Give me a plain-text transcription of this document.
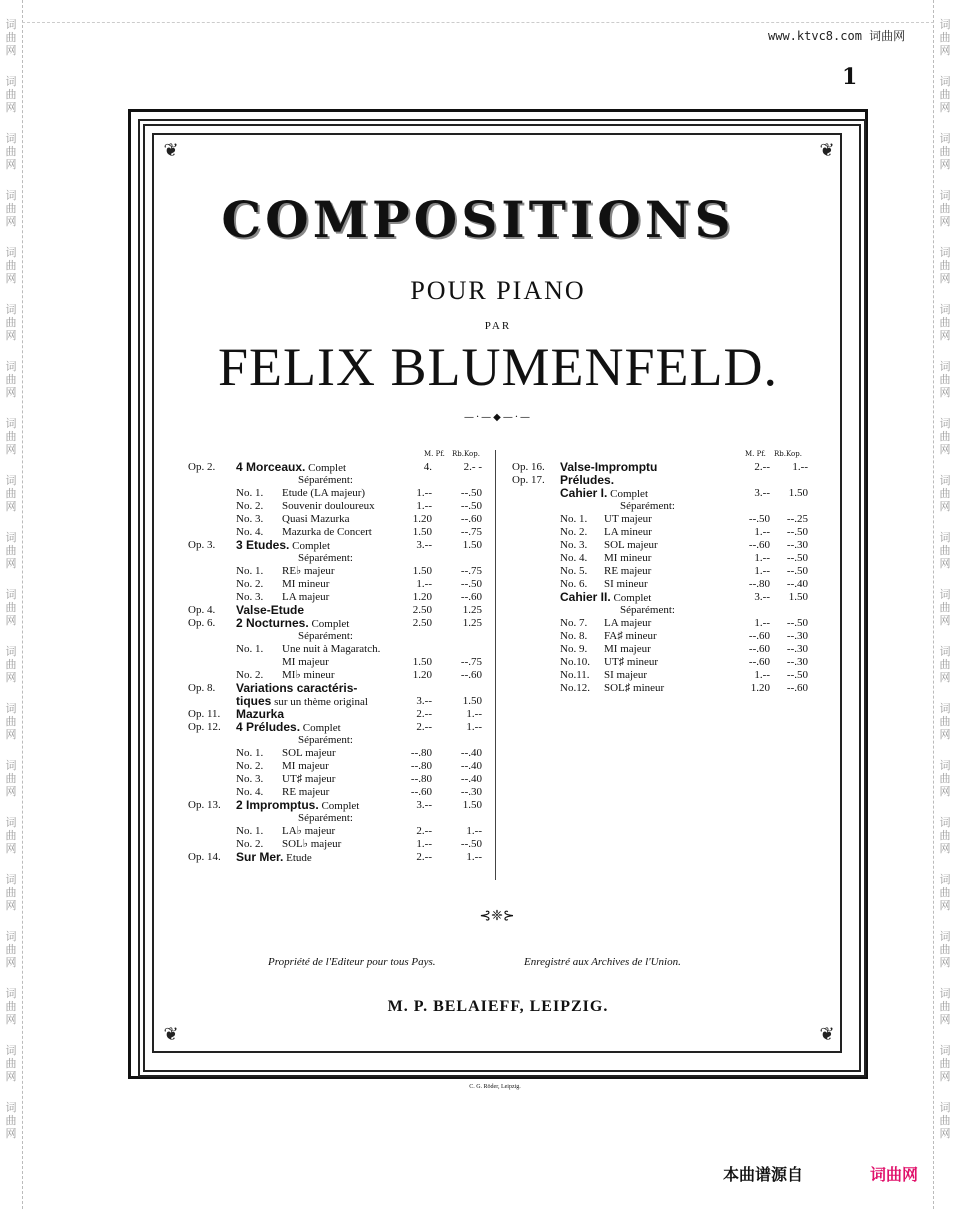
词
曲
网
词
曲
网
词
曲
网
词
曲
网
词
曲
网
词
曲
网
词
曲
网
词
曲
网
词
曲
网
词
曲
网
词
曲
网
词
曲
网
词
曲
网
词
曲
网
词
曲
网
词
曲
网
词
曲
网
词
曲
网
词
曲
网
词
曲
网
词
曲
网
词
曲
网
词
曲
网
词
曲
网
词
曲
网
词
曲
网
词
曲
网
词
曲
网
词
曲
网
词
曲
网
词
曲
网
词
曲
网
词
曲
网
词
曲
网
词
曲
网
词
曲
网
词
曲
网
词
曲
网
词
曲
网
词
曲
网
www.ktvc8.com 词曲网
1
❦	❦
❦	❦
COMPOSITIONS
POUR PIANO
PAR
FELIX BLUMENFELD.
—·—◆—·—
M. Pf. Rb.Kop.	M. Pf. Rb.Kop.
Op. 2.	4 Morceaux. Complet	4.	2.- -
Séparément:
No. 1.	Etude (LA majeur)	1.--	--.50
No. 2.	Souvenir douloureux	1.--	--.50
No. 3.	Quasi Mazurka	1.20	--.60
No. 4.	Mazurka de Concert	1.50	--.75
Op. 3.	3 Etudes. Complet	3.--	1.50
Séparément:
No. 1.	RE♭ majeur	1.50	--.75
No. 2.	MI mineur	1.--	--.50
No. 3.	LA majeur	1.20	--.60
Op. 4.	Valse-Etude	2.50	1.25
Op. 6.	2 Nocturnes. Complet	2.50	1.25
Séparément:
No. 1.	Une nuit à Magaratch.
MI majeur	1.50	--.75
No. 2.	MI♭ mineur	1.20	--.60
Op. 8.	Variations caractéris-
tiques sur un thème original	3.--	1.50
Op. 11.	Mazurka	2.--	1.--
Op. 12.	4 Préludes. Complet	2.--	1.--
Séparément:
No. 1.	SOL majeur	--.80	--.40
No. 2.	MI majeur	--.80	--.40
No. 3.	UT♯ majeur	--.80	--.40
No. 4.	RE majeur	--.60	--.30
Op. 13.	2 Impromptus. Complet	3.--	1.50
Séparément:
No. 1.	LA♭ majeur	2.--	1.--
No. 2.	SOL♭ majeur	1.--	--.50
Op. 14.	Sur Mer. Etude	2.--	1.--
Op. 16.	Valse-Impromptu	2.--	1.--
Op. 17.	Préludes.
Cahier I. Complet	3.--	1.50
Séparément:
No. 1.	UT majeur	--.50	--.25
No. 2.	LA mineur	1.--	--.50
No. 3.	SOL majeur	--.60	--.30
No. 4.	MI mineur	1.--	--.50
No. 5.	RE majeur	1.--	--.50
No. 6.	SI mineur	--.80	--.40
Cahier II. Complet	3.--	1.50
Séparément:
No. 7.	LA majeur	1.--	--.50
No. 8.	FA♯ mineur	--.60	--.30
No. 9.	MI majeur	--.60	--.30
No.10.	UT♯ mineur	--.60	--.30
No.11.	SI majeur	1.--	--.50
No.12.	SOL♯ mineur	1.20	--.60
⊰❈⊱
Propriété de l'Editeur pour tous Pays.	Enregistré aux Archives de l'Union.
M. P. BELAIEFF, LEIPZIG.
C. G. Röder, Leipzig.
本曲谱源自	词曲网
